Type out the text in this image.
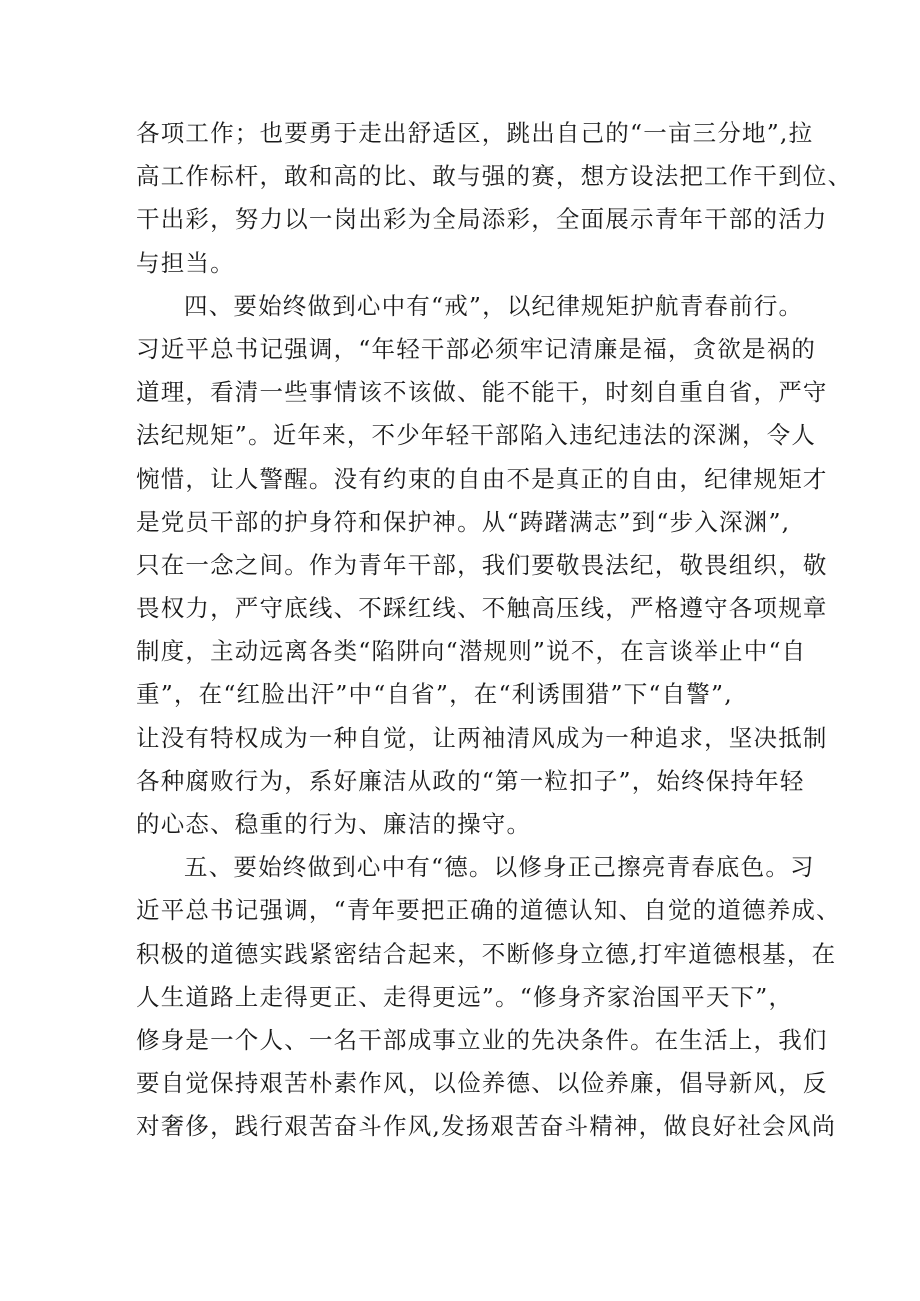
各项工作；也要勇于走出舒适区，跳出自己的“一亩三分地”,拉
高工作标杆，敢和高的比、敢与强的赛，想方设法把工作干到位、
干出彩，努力以一岗出彩为全局添彩，全面展示青年干部的活力
与担当。
四、要始终做到心中有“戒”，以纪律规矩护航青春前行。
习近平总书记强调，“年轻干部必须牢记清廉是福，贪欲是祸的
道理，看清一些事情该不该做、能不能干，时刻自重自省，严守
法纪规矩”。近年来，不少年轻干部陷入违纪违法的深渊，令人
惋惜，让人警醒。没有约束的自由不是真正的自由，纪律规矩才
是党员干部的护身符和保护神。从“踌躇满志”到“步入深渊”,
只在一念之间。作为青年干部，我们要敬畏法纪，敬畏组织，敬
畏权力，严守底线、不踩红线、不触高压线，严格遵守各项规章
制度，主动远离各类“陷阱向“潜规则”说不，在言谈举止中“自
重”，在“红脸出汗”中“自省”，在“利诱围猎”下“自警”,
让没有特权成为一种自觉，让两袖清风成为一种追求，坚决抵制
各种腐败行为，系好廉洁从政的“第一粒扣子”，始终保持年轻
的心态、稳重的行为、廉洁的操守。
五、要始终做到心中有“德。以修身正己擦亮青春底色。习
近平总书记强调，“青年要把正确的道德认知、自觉的道德养成、
积极的道德实践紧密结合起来，不断修身立德,打牢道德根基，在
人生道路上走得更正、走得更远”。“修身齐家治国平天下”，
修身是一个人、一名干部成事立业的先决条件。在生活上，我们
要自觉保持艰苦朴素作风，以俭养德、以俭养廉，倡导新风，反
对奢侈，践行艰苦奋斗作风,发扬艰苦奋斗精神，做良好社会风尚
